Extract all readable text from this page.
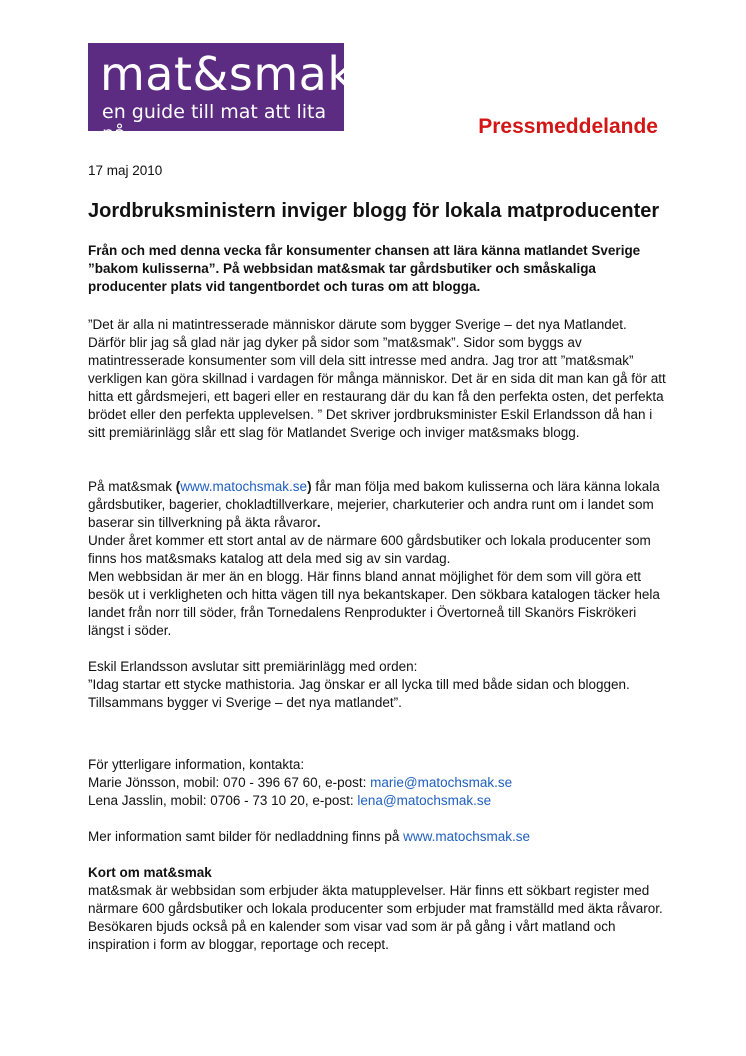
mat&smak
en guide till mat att lita på	Pressmeddelande
17 maj 2010
Jordbruksministern inviger blogg för lokala matproducenter

Från och med denna vecka får konsumenter chansen att lära känna matlandet Sverige ”bakom kulisserna”. På webbsidan mat&smak tar gårdsbutiker och småskaliga producenter plats vid tangentbordet och turas om att blogga.

”Det är alla ni matintresserade människor därute som bygger Sverige – det nya Matlandet. Därför blir jag så glad när jag dyker på sidor som ”mat&smak”. Sidor som byggs av matintresserade konsumenter som vill dela sitt intresse med andra. Jag tror att ”mat&smak” verkligen kan göra skillnad i vardagen för många människor. Det är en sida dit man kan gå för att hitta ett gårdsmejeri, ett bageri eller en restaurang där du kan få den perfekta osten, det perfekta brödet eller den perfekta upplevelsen. ” Det skriver jordbruksminister Eskil Erlandsson då han i sitt premiärinlägg slår ett slag för Matlandet Sverige och inviger mat&smaks blogg.

På mat&smak (www.matochsmak.se) får man följa med bakom kulisserna och lära känna lokala gårdsbutiker, bagerier, chokladtillverkare, mejerier, charkuterier och andra runt om i landet som baserar sin tillverkning på äkta råvaror.

Under året kommer ett stort antal av de närmare 600 gårdsbutiker och lokala producenter som finns hos mat&smaks katalog att dela med sig av sin vardag.

Men webbsidan är mer än en blogg. Här finns bland annat möjlighet för dem som vill göra ett besök ut i verkligheten och hitta vägen till nya bekantskaper. Den sökbara katalogen täcker hela landet från norr till söder, från Tornedalens Renprodukter i Övertorneå till Skanörs Fiskrökeri längst i söder.

Eskil Erlandsson avslutar sitt premiärinlägg med orden:

”Idag startar ett stycke mathistoria. Jag önskar er all lycka till med både sidan och bloggen. Tillsammans bygger vi Sverige – det nya matlandet”.

För ytterligare information, kontakta:

Marie Jönsson, mobil: 070 - 396 67 60, e-post: marie@matochsmak.se

Lena Jasslin, mobil: 0706 - 73 10 20, e-post: lena@matochsmak.se

Mer information samt bilder för nedladdning finns på www.matochsmak.se

Kort om mat&smak

mat&smak är webbsidan som erbjuder äkta matupplevelser. Här finns ett sökbart register med närmare 600 gårdsbutiker och lokala producenter som erbjuder mat framställd med äkta råvaror. Besökaren bjuds också på en kalender som visar vad som är på gång i vårt matland och inspiration i form av bloggar, reportage och recept.
